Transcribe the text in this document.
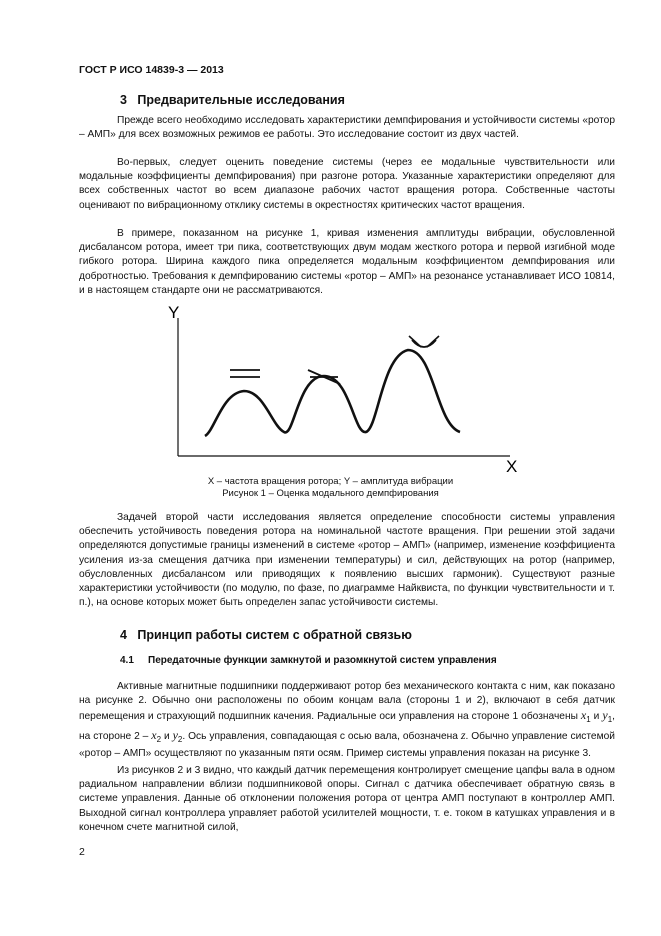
ГОСТ Р ИСО 14839-3 — 2013
3   Предварительные исследования

Прежде всего необходимо исследовать характеристики демпфирования и устойчивости системы «ротор – АМП» для всех возможных режимов ее работы. Это исследование состоит из двух частей.

Во-первых, следует оценить поведение системы (через ее модальные чувствительности или модальные коэффициенты демпфирования) при разгоне ротора. Указанные характеристики определяют для всех собственных частот во всем диапазоне рабочих частот вращения ротора. Собственные частоты оценивают по вибрационному отклику системы в окрестностях критических частот вращения.

В примере, показанном на рисунке 1, кривая изменения амплитуды вибрации, обусловленной дисбалансом ротора, имеет три пика, соответствующих двум модам жесткого ротора и первой изгибной моде гибкого ротора. Ширина каждого пика определяется модальным коэффициентом демпфирования или добротностью. Требования к демпфированию системы «ротор – АМП» на резонансе устанавливает ИСО 10814, и в настоящем стандарте они не рассматриваются.

Y
X
X – частота вращения ротора; Y – амплитуда вибрации
Рисунок 1 – Оценка модального демпфирования

Задачей второй части исследования является определение способности системы управления обеспечить устойчивость поведения ротора на номинальной частоте вращения. При решении этой задачи определяются допустимые границы изменений в системе «ротор – АМП» (например, изменение коэффициента усиления из-за смещения датчика при изменении температуры) и сил, действующих на ротор (например, обусловленных дисбалансом или приводящих к появлению высших гармоник). Существуют разные характеристики устойчивости (по модулю, по фазе, по диаграмме Найквиста, по функции чувствительности и т. п.), на основе которых может быть определен запас устойчивости системы.

4   Принцип работы систем с обратной связью
4.1 Передаточные функции замкнутой и разомкнутой систем управления

Активные магнитные подшипники поддерживают ротор без механического контакта с ним, как показано на рисунке 2. Обычно они расположены по обоим концам вала (стороны 1 и 2), включают в себя датчик перемещения и страхующий подшипник качения. Радиальные оси управления на стороне 1 обозначены $x_1$ и $y_1$, на стороне $2 - x_2$ и $y_2$. Ось управления, совпадающая с осью вала, обозначена z. Обычно управление системой «ротор – АМП» осуществляют по указанным пяти осям. Пример системы управления показан на рисунке 3.

Из рисунков 2 и 3 видно, что каждый датчик перемещения контролирует смещение цапфы вала в одном радиальном направлении вблизи подшипниковой опоры. Сигнал с датчика обеспечивает обратную связь в системе управления. Данные об отклонении положения ротора от центра АМП поступают в контроллер АМП. Выходной сигнал контроллера управляет работой усилителей мощности, т. е. током в катушках управления и в конечном счете магнитной силой,

2
